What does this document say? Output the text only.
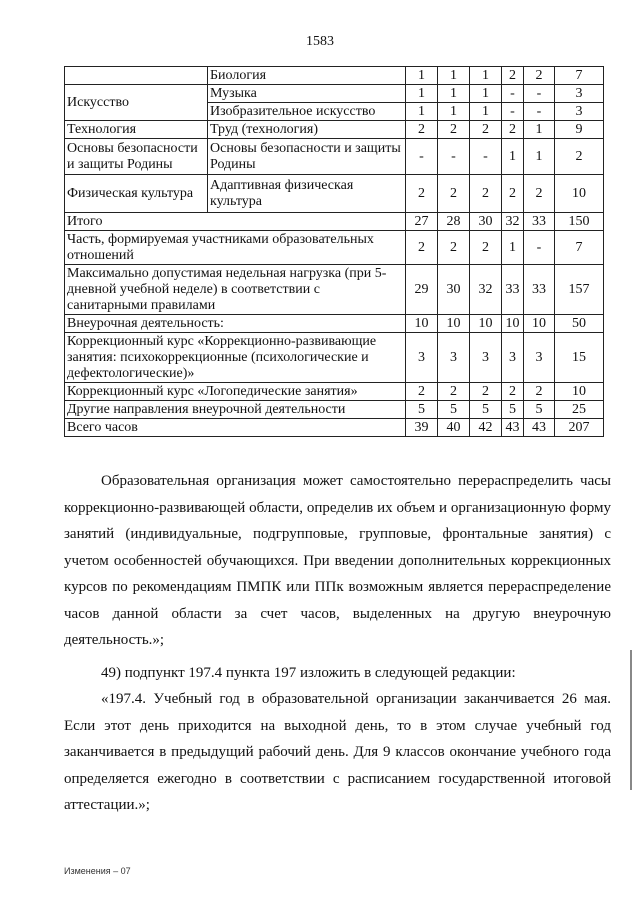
1583
	Биология	1	1	1	2	2	7
Искусство	Музыка	1	1	1	-	-	3
	Изобразительное искусство	1	1	1	-	-	3
Технология	Труд (технология)	2	2	2	2	1	9
Основы безопасности и защиты Родины	Основы безопасности и защиты Родины	-	-	-	1	1	2
Физическая культура	Адаптивная физическая культура	2	2	2	2	2	10
Итого		27	28	30	32	33	150
Часть, формируемая участниками образовательных отношений		2	2	2	1	-	7
Максимально допустимая недельная нагрузка (при 5-дневной учебной неделе) в соответствии с санитарными правилами		29	30	32	33	33	157
Внеурочная деятельность:		10	10	10	10	10	50
Коррекционный курс «Коррекционно-развивающие занятия: психокоррекционные (психологические и дефектологические)»		3	3	3	3	3	15
Коррекционный курс «Логопедические занятия»		2	2	2	2	2	10
Другие направления внеурочной деятельности		5	5	5	5	5	25
Всего часов		39	40	42	43	43	207

Образовательная организация может самостоятельно перераспределить часы коррекционно-развивающей области, определив их объем и организационную форму занятий (индивидуальные, подгрупповые, групповые, фронтальные занятия) с учетом особенностей обучающихся. При введении дополнительных коррекционных курсов по рекомендациям ПМПК или ППк возможным является перераспределение часов данной области за счет часов, выделенных на другую внеурочную деятельность.»;

49) подпункт 197.4 пункта 197 изложить в следующей редакции:

«197.4. Учебный год в образовательной организации заканчивается 26 мая. Если этот день приходится на выходной день, то в этом случае учебный год заканчивается в предыдущий рабочий день. Для 9 классов окончание учебного года определяется ежегодно в соответствии с расписанием государственной итоговой аттестации.»;

Изменения – 07
